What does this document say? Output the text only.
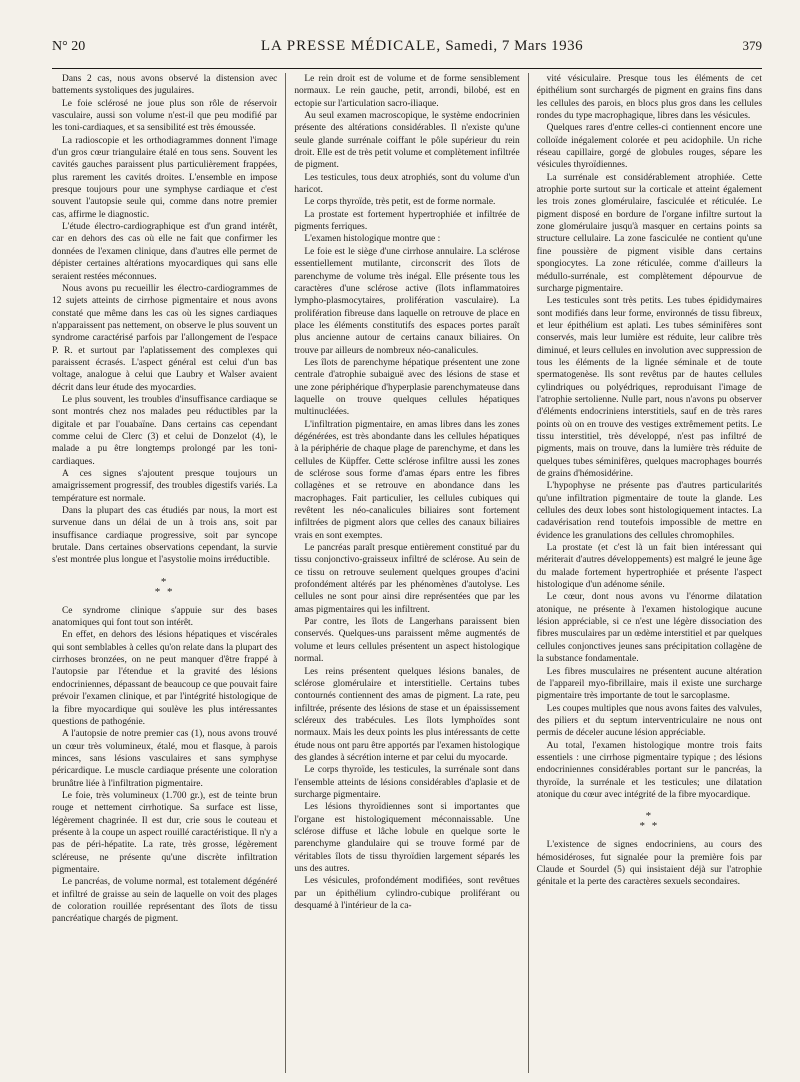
N° 20	LA PRESSE MÉDICALE, Samedi, 7 Mars 1936	379

Dans 2 cas, nous avons observé la distension avec battements systoliques des jugulaires.

Le foie sclérosé ne joue plus son rôle de réservoir vasculaire, aussi son volume n'est-il que peu modifié par les toni-cardiaques, et sa sensibilité est très émoussée.

La radioscopie et les orthodiagrammes donnent l'image d'un gros cœur triangulaire étalé en tous sens. Souvent les cavités gauches paraissent plus particulièrement frappées, plus rarement les cavités droites. L'ensemble en impose presque toujours pour une symphyse cardiaque et c'est souvent l'autopsie seule qui, comme dans notre premier cas, affirme le diagnostic.

L'étude électro-cardiographique est d'un grand intérêt, car en dehors des cas où elle ne fait que confirmer les données de l'examen clinique, dans d'autres elle permet de dépister certaines altérations myocardiques qui sans elle seraient restées méconnues.

Nous avons pu recueillir les électro-cardiogrammes de 12 sujets atteints de cirrhose pigmentaire et nous avons constaté que même dans les cas où les signes cardiaques n'apparaissent pas nettement, on observe le plus souvent un syndrome caractérisé parfois par l'allongement de l'espace P. R. et surtout par l'aplatissement des complexes qui paraissent écrasés. L'aspect général est celui d'un bas voltage, analogue à celui que Laubry et Walser avaient décrit dans leur étude des myocardies.

Le plus souvent, les troubles d'insuffisance cardiaque se sont montrés chez nos malades peu réductibles par la digitale et par l'ouabaïne. Dans certains cas cependant comme celui de Clerc (3) et celui de Donzelot (4), le malade a pu être longtemps prolongé par les toni-cardiaques.

A ces signes s'ajoutent presque toujours un amaigrissement progressif, des troubles digestifs variés. La température est normale.

Dans la plupart des cas étudiés par nous, la mort est survenue dans un délai de un à trois ans, soit par insuffisance cardiaque progressive, soit par syncope brutale. Dans certaines observations cependant, la survie s'est montrée plus longue et l'asystolie moins irréductible.

*
* *

Ce syndrome clinique s'appuie sur des bases anatomiques qui font tout son intérêt.

En effet, en dehors des lésions hépatiques et viscérales qui sont semblables à celles qu'on relate dans la plupart des cirrhoses bronzées, on ne peut manquer d'être frappé à l'autopsie par l'étendue et la gravité des lésions endocriniennes, dépassant de beaucoup ce que pouvait faire prévoir l'examen clinique, et par l'intégrité histologique de la fibre myocardique qui soulève les plus intéressantes questions de pathogénie.

A l'autopsie de notre premier cas (1), nous avons trouvé un cœur très volumineux, étalé, mou et flasque, à parois minces, sans lésions vasculaires et sans symphyse péricardique. Le muscle cardiaque présente une coloration brunâtre liée à l'infiltration pigmentaire.

Le foie, très volumineux (1.700 gr.), est de teinte brun rouge et nettement cirrhotique. Sa surface est lisse, légèrement chagrinée. Il est dur, crie sous le couteau et présente à la coupe un aspect rouillé caractéristique. Il n'y a pas de péri-hépatite. La rate, très grosse, légèrement scléreuse, ne présente qu'une discrète infiltration pigmentaire.

Le pancréas, de volume normal, est totalement dégénéré et infiltré de graisse au sein de laquelle on voit des plages de coloration rouillée représentant des îlots de tissu pancréatique chargés de pigment.

Le rein droit est de volume et de forme sensiblement normaux. Le rein gauche, petit, arrondi, bilobé, est en ectopie sur l'articulation sacro-iliaque.

Au seul examen macroscopique, le système endocrinien présente des altérations considérables. Il n'existe qu'une seule glande surrénale coiffant le pôle supérieur du rein droit. Elle est de très petit volume et complètement infiltrée de pigment.

Les testicules, tous deux atrophiés, sont du volume d'un haricot.

Le corps thyroïde, très petit, est de forme normale.

La prostate est fortement hypertrophiée et infiltrée de pigments ferriques.

L'examen histologique montre que :

Le foie est le siège d'une cirrhose annulaire. La sclérose essentiellement mutilante, circonscrit des îlots de parenchyme de volume très inégal. Elle présente tous les caractères d'une sclérose active (îlots inflammatoires lympho-plasmocytaires, prolifération vasculaire). La prolifération fibreuse dans laquelle on retrouve de place en place les éléments constitutifs des espaces portes paraît plus ancienne autour de certains canaux biliaires. On trouve par ailleurs de nombreux néo-canalicules.

Les îlots de parenchyme hépatique présentent une zone centrale d'atrophie subaiguë avec des lésions de stase et une zone périphérique d'hyperplasie parenchymateuse dans laquelle on trouve quelques cellules hépatiques multinucléées.

L'infiltration pigmentaire, en amas libres dans les zones dégénérées, est très abondante dans les cellules hépatiques à la périphérie de chaque plage de parenchyme, et dans les cellules de Küpffer. Cette sclérose infiltre aussi les zones de sclérose sous forme d'amas épars entre les fibres collagènes et se retrouve en abondance dans les macrophages. Fait particulier, les cellules cubiques qui revêtent les néo-canalicules biliaires sont fortement infiltrées de pigment alors que celles des canaux biliaires vrais en sont exemptes.

Le pancréas paraît presque entièrement constitué par du tissu conjonctivo-graisseux infiltré de sclérose. Au sein de ce tissu on retrouve seulement quelques groupes d'acini profondément altérés par les phénomènes d'autolyse. Les cellules ne sont pour ainsi dire représentées que par les amas pigmentaires qui les infiltrent.

Par contre, les îlots de Langerhans paraissent bien conservés. Quelques-uns paraissent même augmentés de volume et leurs cellules présentent un aspect histologique normal.

Les reins présentent quelques lésions banales, de sclérose glomérulaire et interstitielle. Certains tubes contournés contiennent des amas de pigment. La rate, peu infiltrée, présente des lésions de stase et un épaississement scléreux des trabécules. Les îlots lymphoïdes sont normaux. Mais les deux points les plus intéressants de cette étude nous ont paru être apportés par l'examen histologique des glandes à sécrétion interne et par celui du myocarde.

Le corps thyroïde, les testicules, la surrénale sont dans l'ensemble atteints de lésions considérables d'aplasie et de surcharge pigmentaire.

Les lésions thyroïdiennes sont si importantes que l'organe est histologiquement méconnaissable. Une sclérose diffuse et lâche lobule en quelque sorte le parenchyme glandulaire qui se trouve formé par de véritables îlots de tissu thyroïdien largement séparés les uns des autres.

Les vésicules, profondément modifiées, sont revêtues par un épithélium cylindro-cubique proliférant ou desquamé à l'intérieur de la ca-

vité vésiculaire. Presque tous les éléments de cet épithélium sont surchargés de pigment en grains fins dans les cellules des parois, en blocs plus gros dans les cellules rondes du type macrophagique, libres dans les vésicules.

Quelques rares d'entre celles-ci contiennent encore une colloïde inégalement colorée et peu acidophile. Un riche réseau capillaire, gorgé de globules rouges, sépare les vésicules thyroïdiennes.

La surrénale est considérablement atrophiée. Cette atrophie porte surtout sur la corticale et atteint également les trois zones glomérulaire, fasciculée et réticulée. Le pigment disposé en bordure de l'organe infiltre surtout la zone glomérulaire jusqu'à masquer en certains points sa structure cellulaire. La zone fasciculée ne contient qu'une fine poussière de pigment visible dans certains spongiocytes. La zone réticulée, comme d'ailleurs la médullo-surrénale, est complètement dépourvue de surcharge pigmentaire.

Les testicules sont très petits. Les tubes épididymaires sont modifiés dans leur forme, environnés de tissu fibreux, et leur épithélium est aplati. Les tubes séminifères sont conservés, mais leur lumière est réduite, leur calibre très diminué, et leurs cellules en involution avec suppression de tous les éléments de la lignée séminale et de toute spermatogenèse. Ils sont revêtus par de hautes cellules cylindriques ou polyédriques, reproduisant l'image de l'atrophie sertolienne. Nulle part, nous n'avons pu observer d'éléments endocriniens interstitiels, sauf en de très rares points où on en trouve des vestiges extrêmement petits. Le tissu interstitiel, très développé, n'est pas infiltré de pigments, mais on trouve, dans la lumière très réduite de quelques tubes séminifères, quelques macrophages bourrés de grains d'hémosidérine.

L'hypophyse ne présente pas d'autres particularités qu'une infiltration pigmentaire de toute la glande. Les cellules des deux lobes sont histologiquement intactes. La cadavérisation rend toutefois impossible de mettre en évidence les granulations des cellules chromophiles.

La prostate (et c'est là un fait bien intéressant qui mériterait d'autres développements) est malgré le jeune âge du malade fortement hypertrophiée et présente l'aspect histologique d'un adénome sénile.

Le cœur, dont nous avons vu l'énorme dilatation atonique, ne présente à l'examen histologique aucune lésion appréciable, si ce n'est une légère dissociation des fibres musculaires par un œdème interstitiel et par quelques cellules conjonctives jeunes sans précipitation collagène de la substance fondamentale.

Les fibres musculaires ne présentent aucune altération de l'appareil myo-fibrillaire, mais il existe une surcharge pigmentaire très importante de tout le sarcoplasme.

Les coupes multiples que nous avons faites des valvules, des piliers et du septum interventriculaire ne nous ont permis de déceler aucune lésion appréciable.

Au total, l'examen histologique montre trois faits essentiels : une cirrhose pigmentaire typique ; des lésions endocriniennes considérables portant sur le pancréas, la thyroïde, la surrénale et les testicules; une dilatation atonique du cœur avec intégrité de la fibre myocardique.

*
* *

L'existence de signes endocriniens, au cours des hémosidéroses, fut signalée pour la première fois par Claude et Sourdel (5) qui insistaient déjà sur l'atrophie génitale et la perte des caractères sexuels secondaires.
